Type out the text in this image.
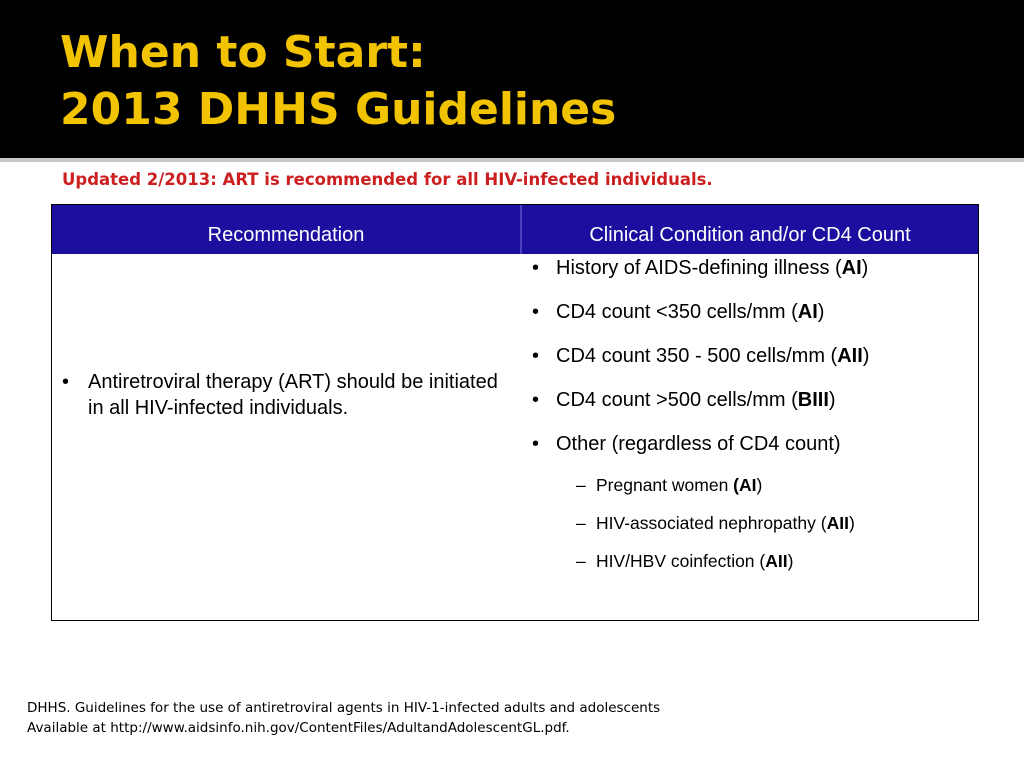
When to Start:
2013 DHHS Guidelines

Updated 2/2013: ART is recommended for all HIV-infected individuals.

Recommendation	Clinical Condition and/or CD4 Count
• Antiretroviral therapy (ART) should be initiated in all HIV-infected individuals.
• History of AIDS-defining illness (AI)
• CD4 count <350 cells/mm (AI)
• CD4 count 350 - 500 cells/mm (AII)
• CD4 count >500 cells/mm (BIII)
• Other (regardless of CD4 count)
– Pregnant women (AI)
– HIV-associated nephropathy (AII)
– HIV/HBV coinfection (AII)
DHHS. Guidelines for the use of antiretroviral agents in HIV-1-infected adults and adolescents
Available at http://www.aidsinfo.nih.gov/ContentFiles/AdultandAdolescentGL.pdf.
